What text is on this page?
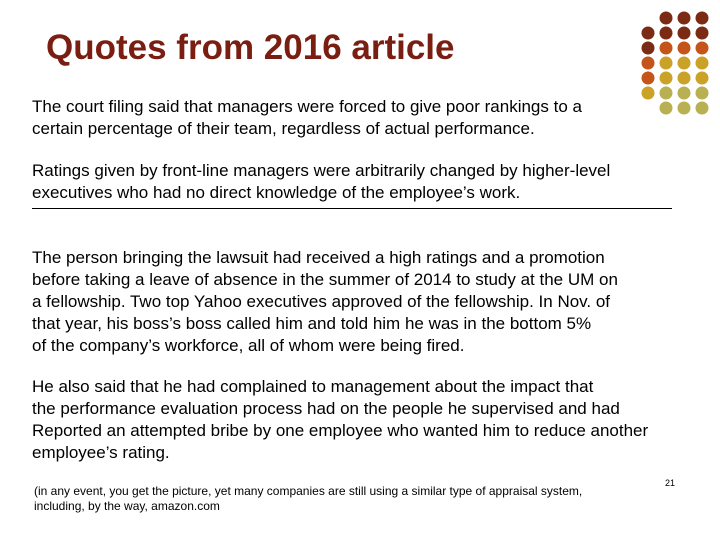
Quotes from 2016 article
The court filing said that managers were forced to give poor rankings to a
certain percentage of their team, regardless of actual performance.
Ratings given by front-line managers were arbitrarily changed by higher-level
executives who had no direct knowledge of the employee’s work.
The person bringing the lawsuit had received a high ratings and a promotion
before taking a leave of absence in the summer of 2014 to study at the UM on
a fellowship. Two top Yahoo executives approved of the fellowship. In Nov. of
that year, his boss’s boss called him and told him he was in the bottom 5%
of the company’s workforce, all of whom were being fired.
He also said that he had complained to management about the impact that
the performance evaluation process had on the people he supervised and had
Reported an attempted bribe by one employee who wanted him to reduce another
employee’s rating.
(in any event, you get the picture, yet many companies are still using a similar type of appraisal system,
including, by the way, amazon.com
21
